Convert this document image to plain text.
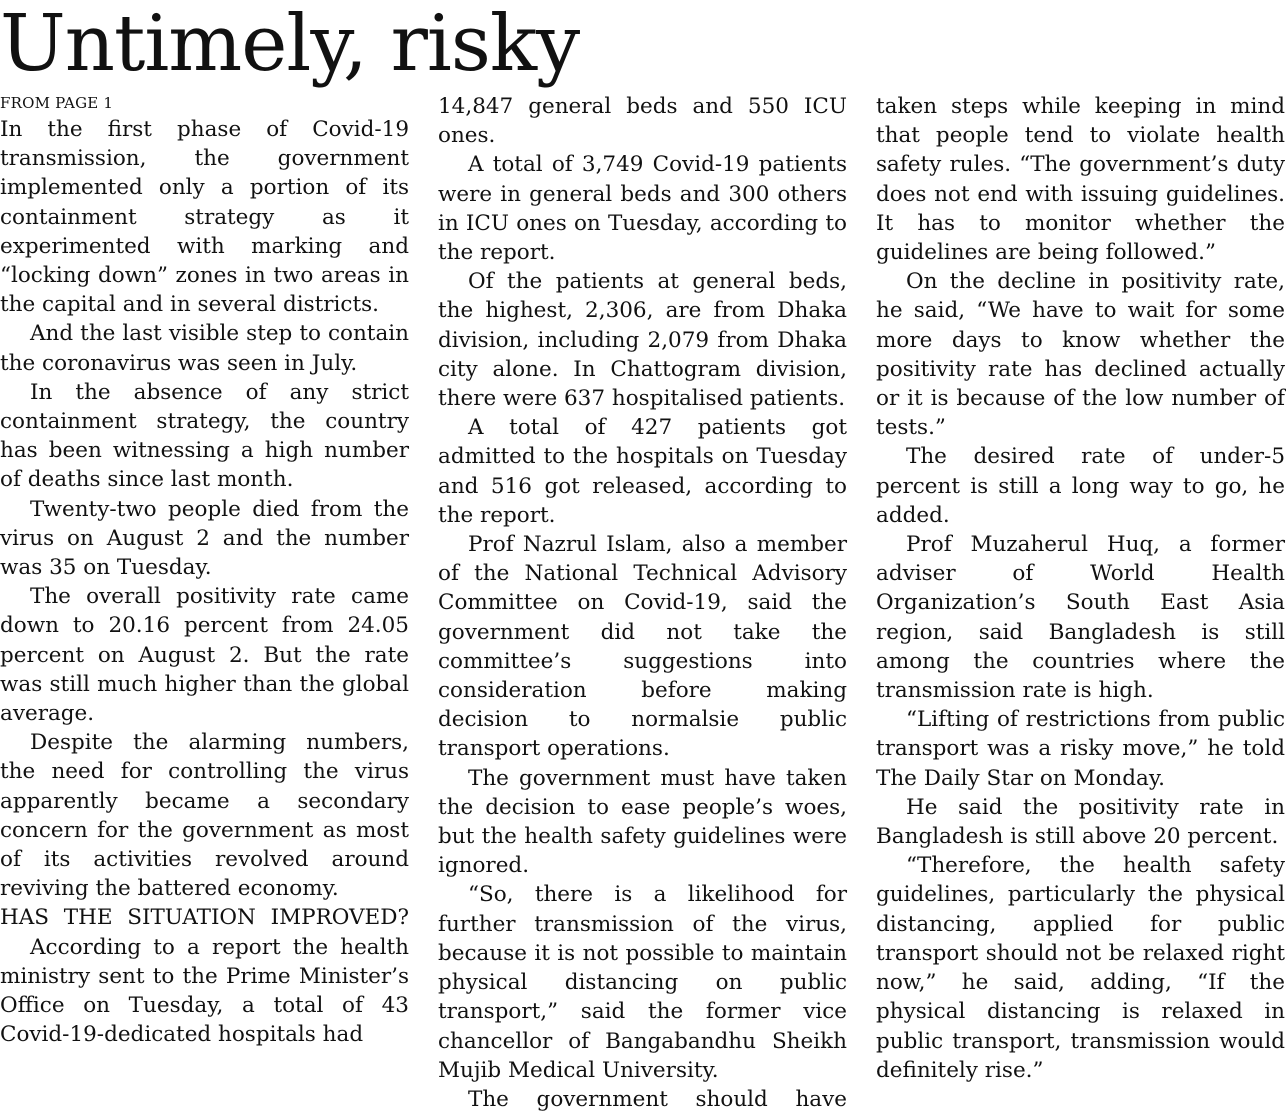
Untimely, risky
FROM PAGE 1

In the first phase of Covid-19 transmission, the government implemented only a portion of its containment strategy as it experimented with marking and “locking down” zones in two areas in the capital and in several districts.

And the last visible step to contain the coronavirus was seen in July.

In the absence of any strict containment strategy, the country has been witnessing a high number of deaths since last month.

Twenty-two people died from the virus on August 2 and the number was 35 on Tuesday.

The overall positivity rate came down to 20.16 percent from 24.05 percent on August 2. But the rate was still much higher than the global average.

Despite the alarming numbers, the need for controlling the virus apparently became a secondary concern for the government as most of its activities revolved around reviving the battered economy.

HAS THE SITUATION IMPROVED?

According to a report the health ministry sent to the Prime Minister’s Office on Tuesday, a total of 43 Covid-19-dedicated hospitals had

14,847 general beds and 550 ICU ones.

A total of 3,749 Covid-19 patients were in general beds and 300 others in ICU ones on Tuesday, according to the report.

Of the patients at general beds, the highest, 2,306, are from Dhaka division, including 2,079 from Dhaka city alone. In Chattogram division, there were 637 hospitalised patients.

A total of 427 patients got admitted to the hospitals on Tuesday and 516 got released, according to the report.

Prof Nazrul Islam, also a member of the National Technical Advisory Committee on Covid-19, said the government did not take the committee’s suggestions into consideration before making decision to normalsie public transport operations.

The government must have taken the decision to ease people’s woes, but the health safety guidelines were ignored.

“So, there is a likelihood for further transmission of the virus, because it is not possible to maintain physical distancing on public transport,” said the former vice chancellor of Bangabandhu Sheikh Mujib Medical University.

The government should have

taken steps while keeping in mind that people tend to violate health safety rules. “The government’s duty does not end with issuing guidelines. It has to monitor whether the guidelines are being followed.”

On the decline in positivity rate, he said, “We have to wait for some more days to know whether the positivity rate has declined actually or it is because of the low number of tests.”

The desired rate of under-5 percent is still a long way to go, he added.

Prof Muzaherul Huq, a former adviser of World Health Organization’s South East Asia region, said Bangladesh is still among the countries where the transmission rate is high.

“Lifting of restrictions from public transport was a risky move,” he told The Daily Star on Monday.

He said the positivity rate in Bangladesh is still above 20 percent.

“Therefore, the health safety guidelines, particularly the physical distancing, applied for public transport should not be relaxed right now,” he said, adding, “If the physical distancing is relaxed in public transport, transmission would definitely rise.”
